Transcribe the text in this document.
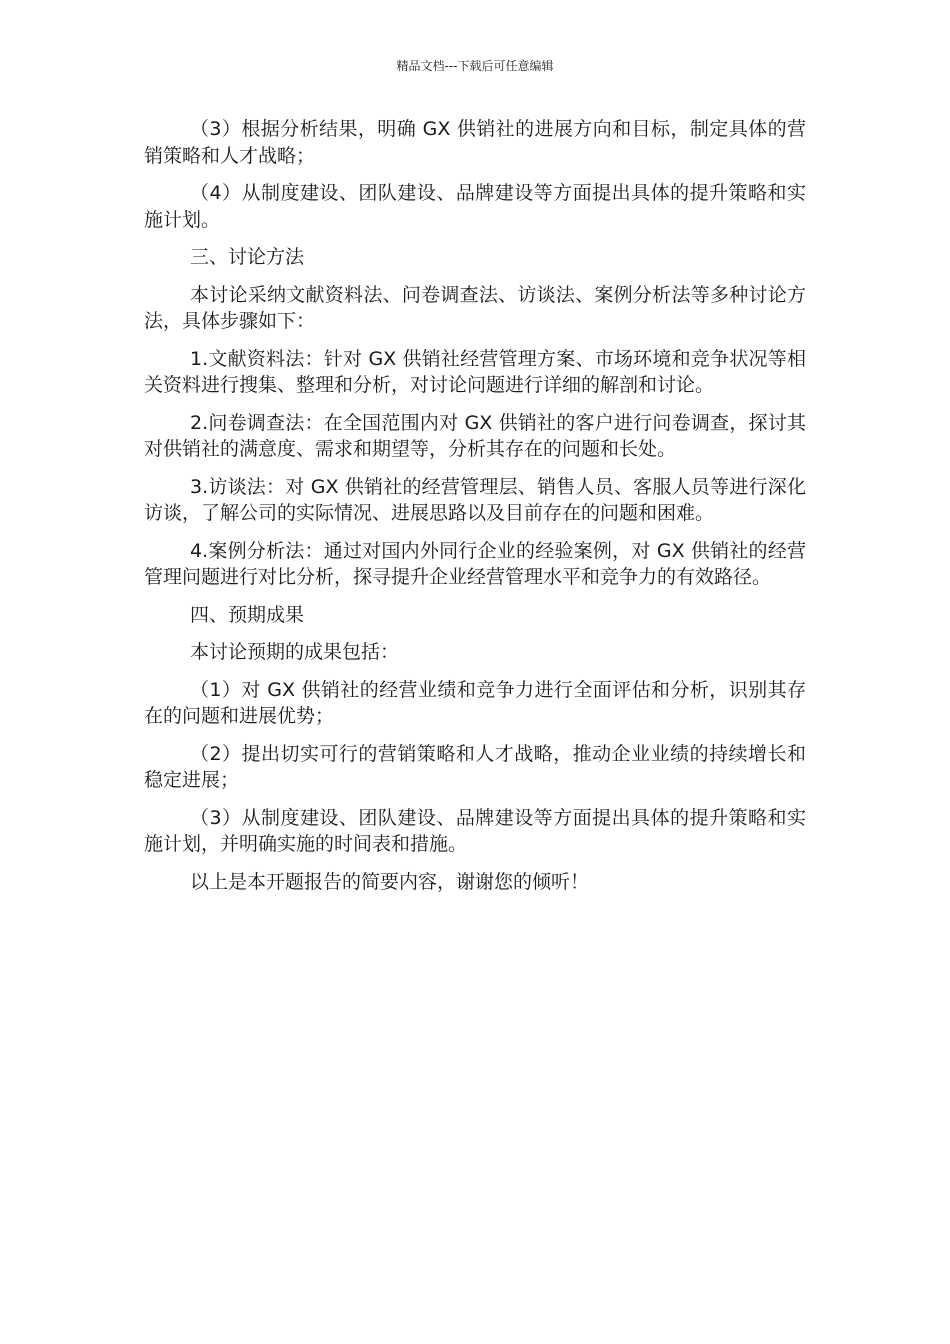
精品文档---下载后可任意编辑

（3）根据分析结果，明确 GX 供销社的进展方向和目标，制定具体的营销策略和人才战略；

（4）从制度建设、团队建设、品牌建设等方面提出具体的提升策略和实施计划。

三、讨论方法

本讨论采纳文献资料法、问卷调查法、访谈法、案例分析法等多种讨论方法，具体步骤如下：

1.文献资料法：针对 GX 供销社经营管理方案、市场环境和竞争状况等相关资料进行搜集、整理和分析，对讨论问题进行详细的解剖和讨论。

2.问卷调查法：在全国范围内对 GX 供销社的客户进行问卷调查，探讨其对供销社的满意度、需求和期望等，分析其存在的问题和长处。

3.访谈法：对 GX 供销社的经营管理层、销售人员、客服人员等进行深化访谈，了解公司的实际情况、进展思路以及目前存在的问题和困难。

4.案例分析法：通过对国内外同行企业的经验案例，对 GX 供销社的经营管理问题进行对比分析，探寻提升企业经营管理水平和竞争力的有效路径。

四、预期成果

本讨论预期的成果包括：

（1）对 GX 供销社的经营业绩和竞争力进行全面评估和分析，识别其存在的问题和进展优势；

（2）提出切实可行的营销策略和人才战略，推动企业业绩的持续增长和稳定进展；

（3）从制度建设、团队建设、品牌建设等方面提出具体的提升策略和实施计划，并明确实施的时间表和措施。

以上是本开题报告的简要内容，谢谢您的倾听！
